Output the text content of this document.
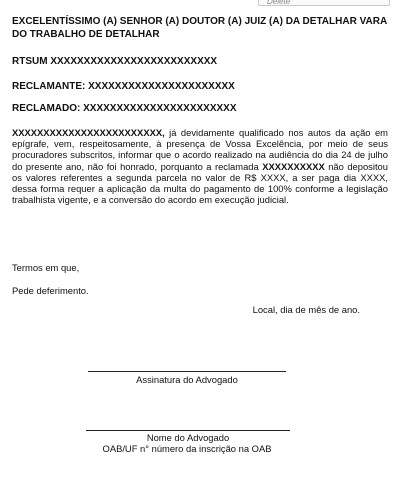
Delete

EXCELENTÍSSIMO (A) SENHOR (A) DOUTOR (A) JUIZ (A) DA DETALHAR VARA DO TRABALHO DE DETALHAR

RTSUM XXXXXXXXXXXXXXXXXXXXXXXXX

RECLAMANTE: XXXXXXXXXXXXXXXXXXXXXX

RECLAMADO: XXXXXXXXXXXXXXXXXXXXXXX

XXXXXXXXXXXXXXXXXXXXXXXX, já devidamente qualificado nos autos da ação em epígrafe, vem, respeitosamente, à presença de Vossa Excelência, por meio de seus procuradores subscritos, informar que o acordo realizado na audiência do dia 24 de julho do presente ano, não foi honrado, porquanto a reclamada XXXXXXXXXX não depositou os valores referentes a segunda parcela no valor de R$ XXXX, a ser paga dia XXXX, dessa forma requer a aplicação da multa do pagamento de 100% conforme a legislação trabalhista vigente, e a conversão do acordo em execução judicial.

Termos em que,

Pede deferimento.

Local, dia de mês de ano.

Assinatura do Advogado

Nome do Advogado

OAB/UF n° número da inscrição na OAB
